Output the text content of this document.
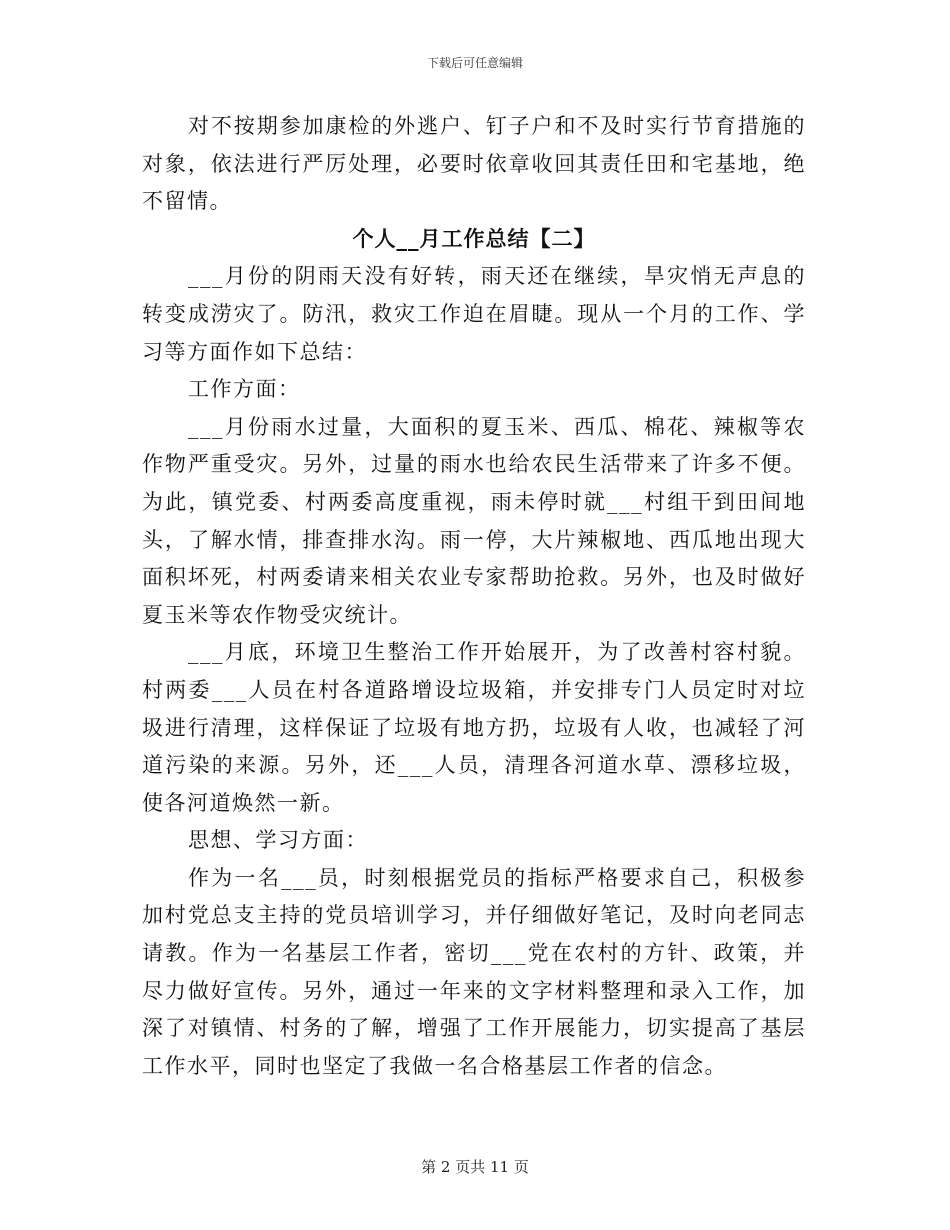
下载后可任意编辑

对不按期参加康检的外逃户、钉子户和不及时实行节育措施的对象，依法进行严厉处理，必要时依章收回其责任田和宅基地，绝不留情。

个人__月工作总结【二】

___月份的阴雨天没有好转，雨天还在继续，旱灾悄无声息的转变成涝灾了。防汛，救灾工作迫在眉睫。现从一个月的工作、学习等方面作如下总结：

工作方面：

___月份雨水过量，大面积的夏玉米、西瓜、棉花、辣椒等农作物严重受灾。另外，过量的雨水也给农民生活带来了许多不便。为此，镇党委、村两委高度重视，雨未停时就___村组干到田间地头，了解水情，排查排水沟。雨一停，大片辣椒地、西瓜地出现大面积坏死，村两委请来相关农业专家帮助抢救。另外，也及时做好夏玉米等农作物受灾统计。

___月底，环境卫生整治工作开始展开，为了改善村容村貌。村两委___人员在村各道路增设垃圾箱，并安排专门人员定时对垃圾进行清理，这样保证了垃圾有地方扔，垃圾有人收，也减轻了河道污染的来源。另外，还___人员，清理各河道水草、漂移垃圾，使各河道焕然一新。

思想、学习方面：

作为一名___员，时刻根据党员的指标严格要求自己，积极参加村党总支主持的党员培训学习，并仔细做好笔记，及时向老同志请教。作为一名基层工作者，密切___党在农村的方针、政策，并尽力做好宣传。另外，通过一年来的文字材料整理和录入工作，加深了对镇情、村务的了解，增强了工作开展能力，切实提高了基层工作水平，同时也坚定了我做一名合格基层工作者的信念。

第 2 页共 11 页
